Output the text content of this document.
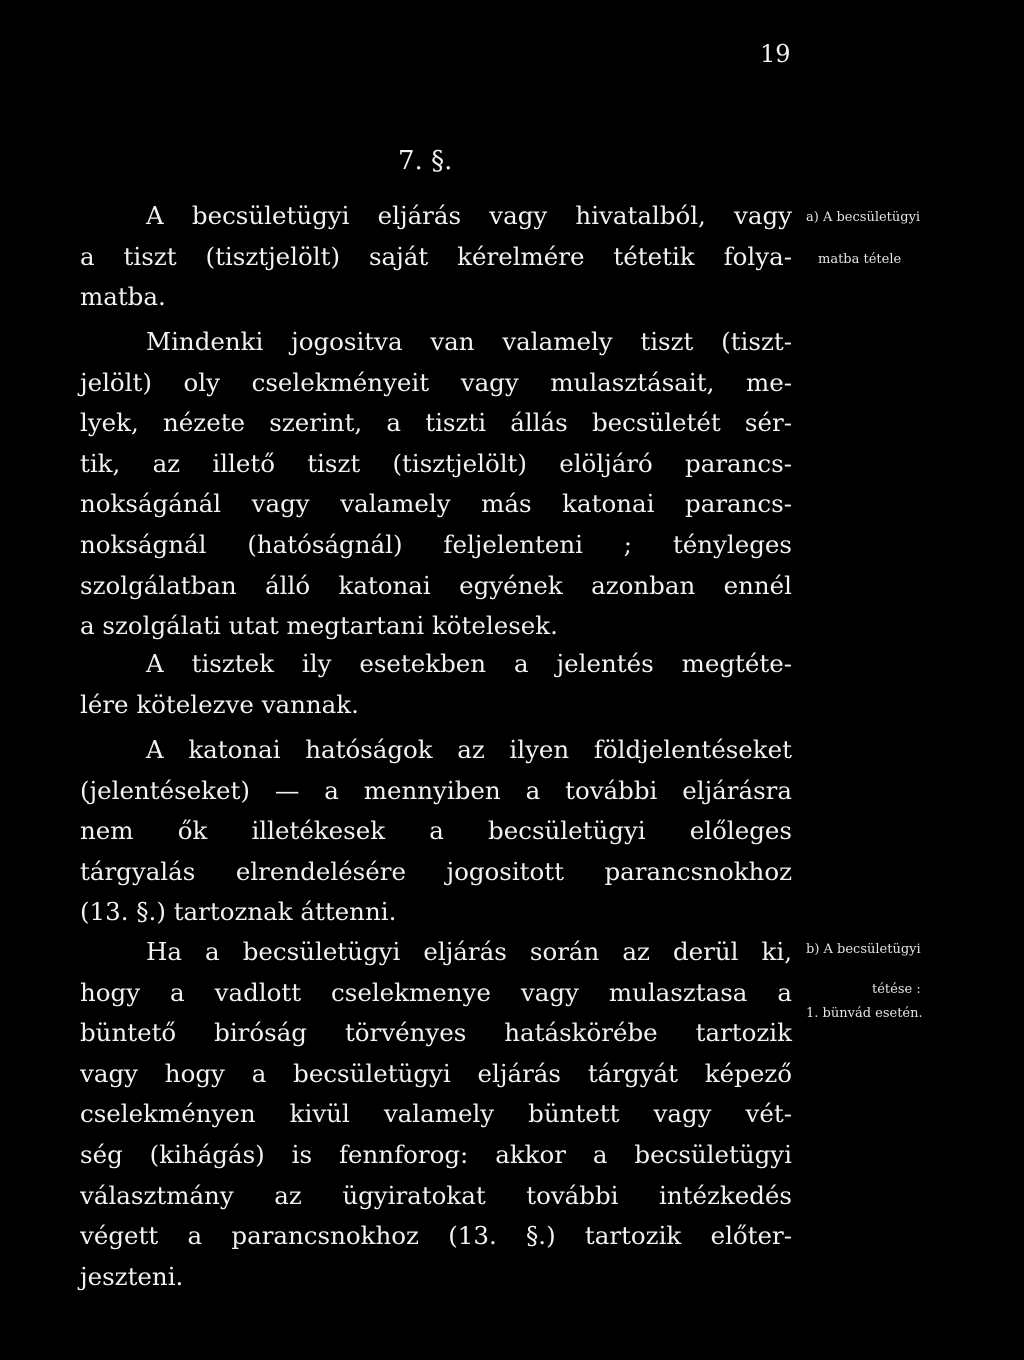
19
7. §.
A becsületügyi eljárás vagy hivatalból, vagy
a tiszt (tisztjelölt) saját kérelmére tétetik folya-
matba.
Mindenki jogositva van valamely tiszt (tiszt-
jelölt) oly cselekményeit vagy mulasztásait, me-
lyek, nézete szerint, a tiszti állás becsületét sér-
tik, az illető tiszt (tisztjelölt) elöljáró parancs-
nokságánál vagy valamely más katonai parancs-
nokságnál (hatóságnál) feljelenteni ; tényleges
szolgálatban álló katonai egyének azonban ennél
a szolgálati utat megtartani kötelesek.
A tisztek ily esetekben a jelentés megtéte-
lére kötelezve vannak.
A katonai hatóságok az ilyen földjelentéseket
(jelentéseket) — a mennyiben a további eljárásra
nem ők illetékesek a becsületügyi előleges
tárgyalás elrendelésére jogositott parancsnokhoz
(13. §.) tartoznak áttenni.
Ha a becsületügyi eljárás során az derül ki,
hogy a vadlott cselekmenye vagy mulasztasa a
büntető biróság törvényes hatáskörébe tartozik
vagy hogy a becsületügyi eljárás tárgyát képező
cselekményen kivül valamely büntett vagy vét-
ség (kihágás) is fennforog: akkor a becsületügyi
választmány az ügyiratokat további intézkedés
végett a parancsnokhoz (13. §.) tartozik előter-
jeszteni.
a) A becsületügyi
matba tétele
b) A becsületügyi
tétése :
1. bünvád esetén.
